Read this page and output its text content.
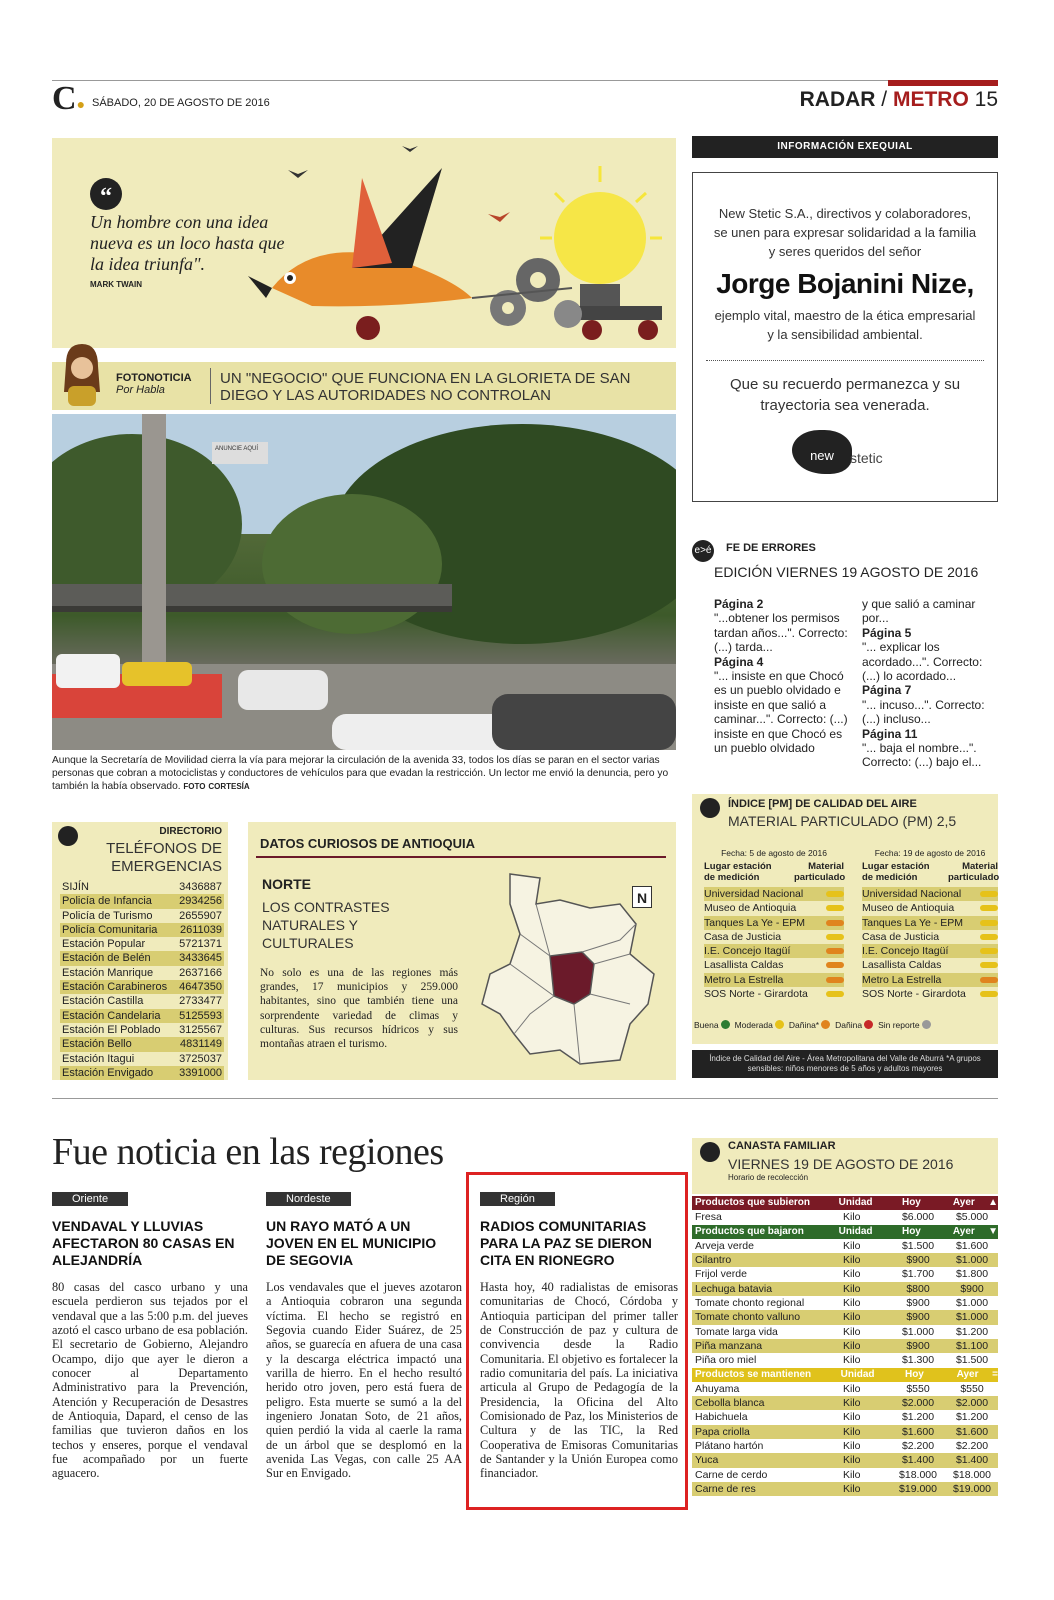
C● SÁBADO, 20 DE AGOSTO DE 2016	RADAR / METRO 15
“
Un hombre con una idea nueva es un loco hasta que la idea triunfa".
MARK TWAIN
FOTONOTICIA
Por Habla
UN "NEGOCIO" QUE FUNCIONA EN LA GLORIETA DE SAN DIEGO Y LAS AUTORIDADES NO CONTROLAN
ANUNCIE AQUÍ
Aunque la Secretaría de Movilidad cierra la vía para mejorar la circulación de la avenida 33, todos los días se paran en el sector varias personas que cobran a motociclistas y conductores de vehículos para que evadan la restricción. Un lector me envió la denuncia, pero yo también la había observado. FOTO CORTESÍA
INFORMACIÓN EXEQUIAL
New Stetic S.A., directivos y colaboradores, se unen para expresar solidaridad a la familia y seres queridos del señor
Jorge Bojanini Nize,
ejemplo vital, maestro de la ética empresarial y la sensibilidad ambiental.
Que su recuerdo permanezca y su trayectoria sea venerada.
new	stetic
e>é FE DE ERRORES
EDICIÓN VIERNES 19 AGOSTO DE 2016
Página 2
"...obtener los permisos tardan años...". Correcto: (...) tarda...
Página 4
"... insiste en que Chocó es un pueblo olvidado e insiste en que salió a caminar...". Correcto: (...) insiste en que Chocó es un pueblo olvidado
y que salió a caminar por...
Página 5
"... explicar los acordado...". Correcto: (...) lo acordado...
Página 7
"... incuso...". Correcto: (...) incluso...
Página 11
"... baja el nombre...". Correcto: (...) bajo el...
ÍNDICE [PM] DE CALIDAD DEL AIRE
MATERIAL PARTICULADO (PM) 2,5
Fecha: 5 de agosto de 2016
Lugar estación de medición
Material particulado
Universidad Nacional
Museo de Antioquia
Tanques La Ye - EPM
Casa de Justicia
I.E. Concejo Itagüí
Lasallista Caldas
Metro La Estrella
SOS Norte - Girardota
Fecha: 19 de agosto de 2016
Lugar estación de medición
Material particulado
Universidad Nacional
Museo de Antioquia
Tanques La Ye - EPM
Casa de Justicia
I.E. Concejo Itagüí
Lasallista Caldas
Metro La Estrella
SOS Norte - Girardota
Buena Moderada Dañina* Dañina Sin reporte
Índice de Calidad del Aire - Área Metropolitana del Valle de Aburrá *A grupos sensibles: niños menores de 5 años y adultos mayores
DIRECTORIO
TELÉFONOS DE EMERGENCIAS
SIJÍN	3436887
Policía de Infancia 2934256
Policía de Turismo 2655907
Policía Comunitaria 2611039
Estación Popular	5721371
Estación de Belén	3433645
Estación Manrique 2637166
Estación Carabineros 4647350
Estación Castilla	2733477
Estación Candelaria 5125593
Estación El Poblado 3125567
Estación Bello	4831149
Estación Itagui	3725037
Estación Envigado 3391000
DATOS CURIOSOS DE ANTIOQUIA
NORTE
LOS CONTRASTES NATURALES Y CULTURALES
No solo es una de las regiones más grandes, 17 municipios y 259.000 habitantes, sino que también tiene una sorprendente variedad de climas y culturas. Sus recursos hídricos y sus montañas atraen el turismo.
N
Fue noticia en las regiones
Oriente
VENDAVAL Y LLUVIAS AFECTARON 80 CASAS EN ALEJANDRÍA
80 casas del casco urbano y una escuela perdieron sus tejados por el vendaval que a las 5:00 p.m. del jueves azotó el casco urbano de esa población. El secretario de Gobierno, Alejandro Ocampo, dijo que ayer le dieron a conocer al Departamento Administrativo para la Prevención, Atención y Recuperación de Desastres de Antioquia, Dapard, el censo de las familias que tuvieron daños en los techos y enseres, porque el vendaval fue acompañado por un fuerte aguacero.
Nordeste
UN RAYO MATÓ A UN JOVEN EN EL MUNICIPIO DE SEGOVIA
Los vendavales que el jueves azotaron a Antioquia cobraron una segunda víctima. El hecho se registró en Segovia cuando Eider Suárez, de 25 años, se guarecía en afuera de una casa y la descarga eléctrica impactó una varilla de hierro. En el hecho resultó herido otro joven, pero está fuera de peligro. Esta muerte se sumó a la del ingeniero Jonatan Soto, de 21 años, quien perdió la vida al caerle la rama de un árbol que se desplomó en la avenida Las Vegas, con calle 25 AA Sur en Envigado.
Región
RADIOS COMUNITARIAS PARA LA PAZ SE DIERON CITA EN RIONEGRO
Hasta hoy, 40 radialistas de emisoras comunitarias de Chocó, Córdoba y Antioquia participan del primer taller de Construcción de paz y cultura de convivencia desde la Radio Comunitaria. El objetivo es fortalecer la radio comunitaria del país. La iniciativa articula al Grupo de Pedagogía de la Presidencia, la Oficina del Alto Comisionado de Paz, los Ministerios de Cultura y de las TIC, la Red Cooperativa de Emisoras Comunitarias de Santander y la Unión Europea como financiador.
CANASTA FAMILIAR
VIERNES 19 DE AGOSTO DE 2016
Horario de recolección
Productos que subieron	Unidad	Hoy	Ayer	▲
Fresa	Kilo	$6.000	$5.000
Productos que bajaron	Unidad	Hoy	Ayer	▼
Arveja verde	Kilo	$1.500	$1.600
Cilantro	Kilo	$900	$1.000
Frijol verde	Kilo	$1.700	$1.800
Lechuga batavia	Kilo	$800	$900
Tomate chonto regional	Kilo	$900	$1.000
Tomate chonto valluno	Kilo	$900	$1.000
Tomate larga vida	Kilo	$1.000	$1.200
Piña manzana	Kilo	$900	$1.100
Piña oro miel	Kilo	$1.300	$1.500
Productos se mantienen	Unidad	Hoy	Ayer	=
Ahuyama	Kilo	$550	$550
Cebolla blanca	Kilo	$2.000	$2.000
Habichuela	Kilo	$1.200	$1.200
Papa criolla	Kilo	$1.600	$1.600
Plátano hartón	Kilo	$2.200	$2.200
Yuca	Kilo	$1.400	$1.400
Carne de cerdo	Kilo	$18.000	$18.000
Carne de res	Kilo	$19.000	$19.000
